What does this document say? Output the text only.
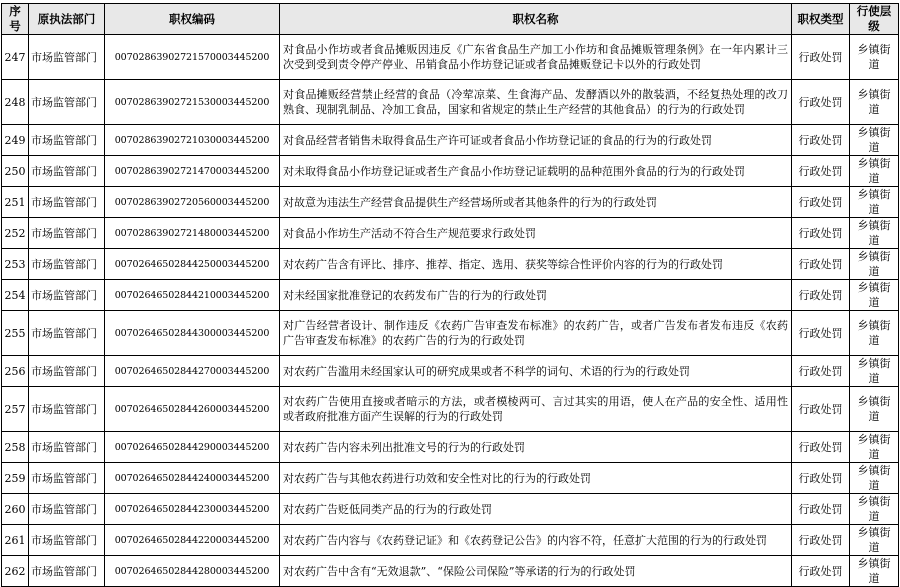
序号	原执法部门	职权编码	职权名称	职权类型	行使层级
247	市场监管部门	00702863902721570003445200	对食品小作坊或者食品摊贩因违反《广东省食品生产加工小作坊和食品摊贩管理条例》在一年内累计三次受到受到责令停产停业、吊销食品小作坊登记证或者食品摊贩登记卡以外的行政处罚	行政处罚	乡镇街道
248	市场监管部门	00702863902721530003445200	对食品摊贩经营禁止经营的食品（冷荤凉菜、生食海产品、发酵酒以外的散装酒，不经复热处理的改刀熟食、现制乳制品、冷加工食品，国家和省规定的禁止生产经营的其他食品）的行为的行政处罚	行政处罚	乡镇街道
249	市场监管部门	00702863902721030003445200	对食品经营者销售未取得食品生产许可证或者食品小作坊登记证的食品的行为的行政处罚	行政处罚	乡镇街道
250	市场监管部门	00702863902721470003445200	对未取得食品小作坊登记证或者生产食品小作坊登记证载明的品种范围外食品的行为的行政处罚	行政处罚	乡镇街道
251	市场监管部门	00702863902720560003445200	对故意为违法生产经营食品提供生产经营场所或者其他条件的行为的行政处罚	行政处罚	乡镇街道
252	市场监管部门	00702863902721480003445200	对食品小作坊生产活动不符合生产规范要求行政处罚	行政处罚	乡镇街道
253	市场监管部门	00702646502844250003445200	对农药广告含有评比、排序、推荐、指定、选用、获奖等综合性评价内容的行为的行政处罚	行政处罚	乡镇街道
254	市场监管部门	00702646502844210003445200	对未经国家批准登记的农药发布广告的行为的行政处罚	行政处罚	乡镇街道
255	市场监管部门	00702646502844300003445200	对广告经营者设计、制作违反《农药广告审查发布标准》的农药广告，或者广告发布者发布违反《农药广告审查发布标准》的农药广告的行为的行政处罚	行政处罚	乡镇街道
256	市场监管部门	00702646502844270003445200	对农药广告滥用未经国家认可的研究成果或者不科学的词句、术语的行为的行政处罚	行政处罚	乡镇街道
257	市场监管部门	00702646502844260003445200	对农药广告使用直接或者暗示的方法，或者模棱两可、言过其实的用语，使人在产品的安全性、适用性或者政府批准方面产生误解的行为的行政处罚	行政处罚	乡镇街道
258	市场监管部门	00702646502844290003445200	对农药广告内容未列出批准文号的行为的行政处罚	行政处罚	乡镇街道
259	市场监管部门	00702646502844240003445200	对农药广告与其他农药进行功效和安全性对比的行为的行政处罚	行政处罚	乡镇街道
260	市场监管部门	00702646502844230003445200	对农药广告贬低同类产品的行为的行政处罚	行政处罚	乡镇街道
261	市场监管部门	00702646502844220003445200	对农药广告内容与《农药登记证》和《农药登记公告》的内容不符，任意扩大范围的行为的行政处罚	行政处罚	乡镇街道
262	市场监管部门	00702646502844280003445200	对农药广告中含有“无效退款”、“保险公司保险”等承诺的行为的行政处罚	行政处罚	乡镇街道
